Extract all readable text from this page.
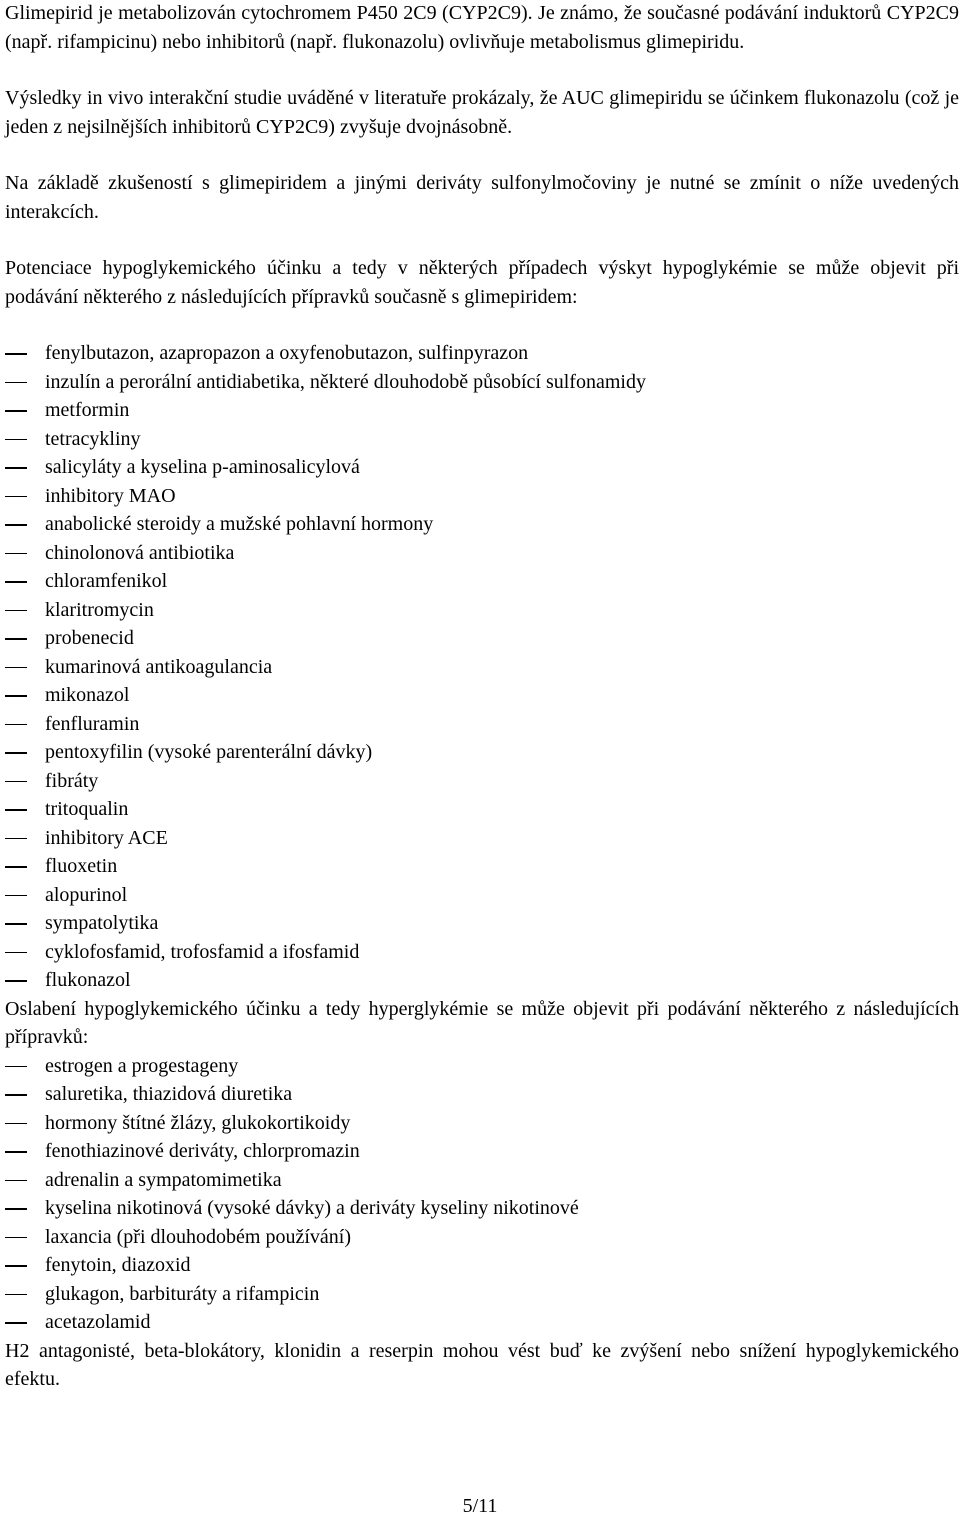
Glimepirid je metabolizován cytochromem P450 2C9 (CYP2C9). Je známo, že současné podávání induktorů CYP2C9 (např. rifampicinu) nebo inhibitorů (např. flukonazolu) ovlivňuje metabolismus glimepiridu.

Výsledky in vivo interakční studie uváděné v literatuře prokázaly, že AUC glimepiridu se účinkem flukonazolu (což je jeden z nejsilnějších inhibitorů CYP2C9) zvyšuje dvojnásobně.

Na základě zkušeností s glimepiridem a jinými deriváty sulfonylmočoviny je nutné se zmínit o níže uvedených interakcích.

Potenciace hypoglykemického účinku a tedy v některých případech výskyt hypoglykémie se může objevit při podávání některého z následujících přípravků současně s glimepiridem:

fenylbutazon, azapropazon a oxyfenobutazon, sulfinpyrazon
inzulín a perorální antidiabetika, některé dlouhodobě působící sulfonamidy
metformin
tetracykliny
salicyláty a kyselina p-aminosalicylová
inhibitory MAO
anabolické steroidy a mužské pohlavní hormony
chinolonová antibiotika
chloramfenikol
klaritromycin
probenecid
kumarinová antikoagulancia
mikonazol
fenfluramin
pentoxyfilin (vysoké parenterální dávky)
fibráty
tritoqualin
inhibitory ACE
fluoxetin
alopurinol
sympatolytika
cyklofosfamid, trofosfamid a ifosfamid
flukonazol

Oslabení hypoglykemického účinku a tedy hyperglykémie se může objevit při podávání některého z následujících přípravků:

estrogen a progestageny
saluretika, thiazidová diuretika
hormony štítné žlázy, glukokortikoidy
fenothiazinové deriváty, chlorpromazin
adrenalin a sympatomimetika
kyselina nikotinová (vysoké dávky) a deriváty kyseliny nikotinové
laxancia (při dlouhodobém používání)
fenytoin, diazoxid
glukagon, barbituráty a rifampicin
acetazolamid

H2 antagonisté, beta-blokátory, klonidin a reserpin mohou vést buď ke zvýšení nebo snížení hypoglykemického efektu.

5/11
